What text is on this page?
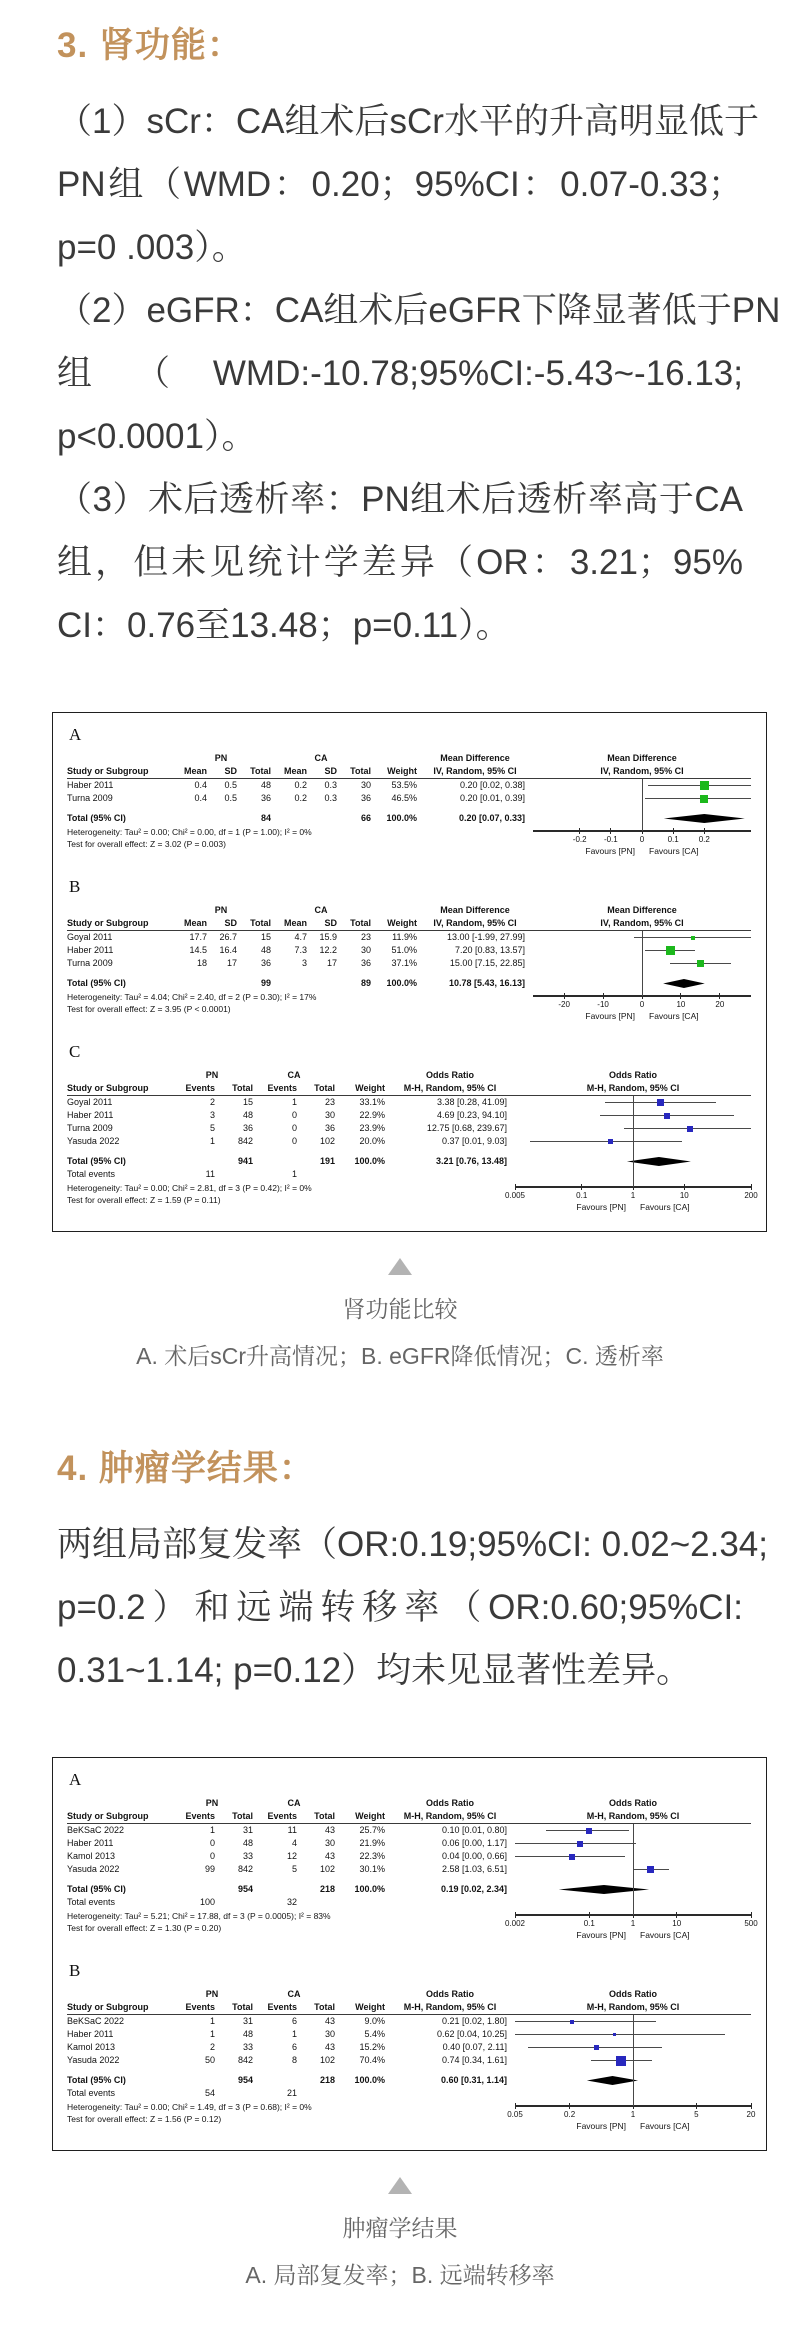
3. 肾功能：
（1）sCr：CA组术后sCr水平的升高明显低于
PN组（WMD：0.20；95%CI：0.07-0.33；
p=0 .003）。
（2）eGFR：CA组术后eGFR下降显著低于PN
组（WMD:-10.78;95%CI:-5.43~-16.13;
p<0.0001）。
（3）术后透析率：PN组术后透析率高于CA
组，但未见统计学差异（OR：3.21；95%
CI：0.76至13.48；p=0.11）。
A
PN	CA	Mean Difference	Mean Difference
Study or Subgroup	Mean	SD	Total	Mean	SD	Total	Weight	IV, Random, 95% CI	IV, Random, 95% CI
Haber 2011	0.4	0.5	48	0.2	0.3	30	53.5%	0.20 [0.02, 0.38]
Turna 2009	0.4	0.5	36	0.2	0.3	36	46.5%	0.20 [0.01, 0.39]
Total (95% CI)	84	66	100.0%	0.20 [0.07, 0.33]
Heterogeneity: Tau² = 0.00; Chi² = 0.00, df = 1 (P = 1.00); I² = 0%
Test for overall effect: Z = 3.02 (P = 0.003)	-0.2 -0.1	0	0.1	0.2
Favours [PN] Favours [CA]
B
PN	CA	Mean Difference	Mean Difference
Study or Subgroup	Mean	SD	Total	Mean	SD	Total	Weight	IV, Random, 95% CI	IV, Random, 95% CI
Goyal 2011	17.7	26.7	15	4.7	15.9	23	11.9%	13.00 [-1.99, 27.99]
Haber 2011	14.5	16.4	48	7.3	12.2	30	51.0%	7.20 [0.83, 13.57]
Turna 2009	18	17	36	3	17	36	37.1%	15.00 [7.15, 22.85]
Total (95% CI)	99	89	100.0%	10.78 [5.43, 16.13]
Heterogeneity: Tau² = 4.04; Chi² = 2.40, df = 2 (P = 0.30); I² = 17%
Test for overall effect: Z = 3.95 (P < 0.0001)	-20	-10	0	10	20
Favours [PN] Favours [CA]
C
PN	CA	Odds Ratio	Odds Ratio
Study or Subgroup	Events	Total	Events	Total	Weight	M-H, Random, 95% CI	M-H, Random, 95% CI
Goyal 2011	2	15	1	23	33.1%	3.38 [0.28, 41.09]
Haber 2011	3	48	0	30	22.9%	4.69 [0.23, 94.10]
Turna 2009	5	36	0	36	23.9%	12.75 [0.68, 239.67]
Yasuda 2022	1	842	0	102	20.0%	0.37 [0.01, 9.03]
Total (95% CI)	941	191	100.0%	3.21 [0.76, 13.48]
Total events	11	1
Heterogeneity: Tau² = 0.00; Chi² = 2.81, df = 3 (P = 0.42); I² = 0%
Test for overall effect: Z = 1.59 (P = 0.11)	0.005	0.1	1	10	200
Favours [PN] Favours [CA]
肾功能比较
A. 术后sCr升高情况；B. eGFR降低情况；C. 透析率
4. 肿瘤学结果：
两组局部复发率（OR:0.19;95%CI: 0.02~2.34;
p=0.2）和远端转移率（OR:0.60;95%CI:
0.31~1.14; p=0.12）均未见显著性差异。
A
PN	CA	Odds Ratio	Odds Ratio
Study or Subgroup	Events	Total	Events	Total	Weight	M-H, Random, 95% CI	M-H, Random, 95% CI
BeKSaC 2022	1	31	11	43	25.7%	0.10 [0.01, 0.80]
Haber 2011	0	48	4	30	21.9%	0.06 [0.00, 1.17]
Kamol 2013	0	33	12	43	22.3%	0.04 [0.00, 0.66]
Yasuda 2022	99	842	5	102	30.1%	2.58 [1.03, 6.51]
Total (95% CI)	954	218	100.0%	0.19 [0.02, 2.34]
Total events	100	32
Heterogeneity: Tau² = 5.21; Chi² = 17.88, df = 3 (P = 0.0005); I² = 83%
Test for overall effect: Z = 1.30 (P = 0.20)	0.002	0.1	1	10	500
Favours [PN] Favours [CA]
B
PN	CA	Odds Ratio	Odds Ratio
Study or Subgroup	Events	Total	Events	Total	Weight	M-H, Random, 95% CI	M-H, Random, 95% CI
BeKSaC 2022	1	31	6	43	9.0%	0.21 [0.02, 1.80]
Haber 2011	1	48	1	30	5.4%	0.62 [0.04, 10.25]
Kamol 2013	2	33	6	43	15.2%	0.40 [0.07, 2.11]
Yasuda 2022	50	842	8	102	70.4%	0.74 [0.34, 1.61]
Total (95% CI)	954	218	100.0%	0.60 [0.31, 1.14]
Total events	54	21
Heterogeneity: Tau² = 0.00; Chi² = 1.49, df = 3 (P = 0.68); I² = 0%
Test for overall effect: Z = 1.56 (P = 0.12)	0.05	0.2	1	5	20
Favours [PN] Favours [CA]
肿瘤学结果
A. 局部复发率；B. 远端转移率
